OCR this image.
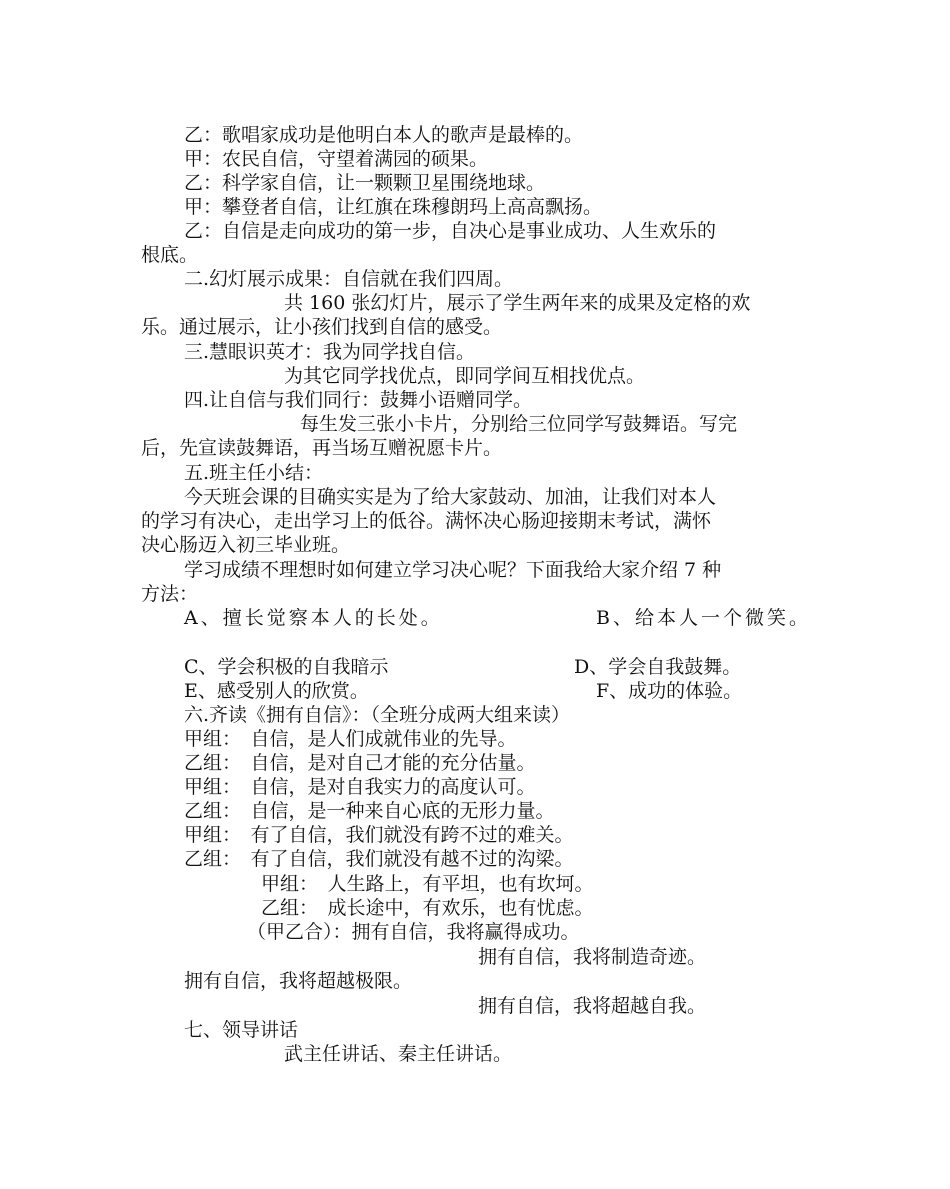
乙：歌唱家成功是他明白本人的歌声是最棒的。
甲：农民自信，守望着满园的硕果。
乙：科学家自信，让一颗颗卫星围绕地球。
甲：攀登者自信，让红旗在珠穆朗玛上高高飘扬。
乙：自信是走向成功的第一步，自决心是事业成功、人生欢乐的
根底。
二.幻灯展示成果：自信就在我们四周。
共 160 张幻灯片，展示了学生两年来的成果及定格的欢
乐。通过展示，让小孩们找到自信的感受。
三.慧眼识英才：我为同学找自信。
为其它同学找优点，即同学间互相找优点。
四.让自信与我们同行：鼓舞小语赠同学。
每生发三张小卡片，分别给三位同学写鼓舞语。写完
后，先宣读鼓舞语，再当场互赠祝愿卡片。
五.班主任小结：
今天班会课的目确实实是为了给大家鼓动、加油，让我们对本人
的学习有决心，走出学习上的低谷。满怀决心肠迎接期末考试，满怀
决心肠迈入初三毕业班。
学习成绩不理想时如何建立学习决心呢？下面我给大家介绍 7 种
方法：
A、擅长觉察本人的长处。	B、给本人一个微笑。
C、学会积极的自我暗示	D、学会自我鼓舞。
E、感受别人的欣赏。	F、成功的体验。
六.齐读《拥有自信》：（全班分成两大组来读）
甲组：　自信，是人们成就伟业的先导。
乙组：　自信，是对自己才能的充分估量。
甲组：　自信，是对自我实力的高度认可。
乙组：　自信，是一种来自心底的无形力量。
甲组：　有了自信，我们就没有跨不过的难关。
乙组：　有了自信，我们就没有越不过的沟梁。
甲组：　人生路上，有平坦，也有坎坷。
乙组：　成长途中，有欢乐，也有忧虑。
（甲乙合）：拥有自信，我将赢得成功。
拥有自信，我将制造奇迹。
拥有自信，我将超越极限。
拥有自信，我将超越自我。
七、领导讲话
武主任讲话、秦主任讲话。
